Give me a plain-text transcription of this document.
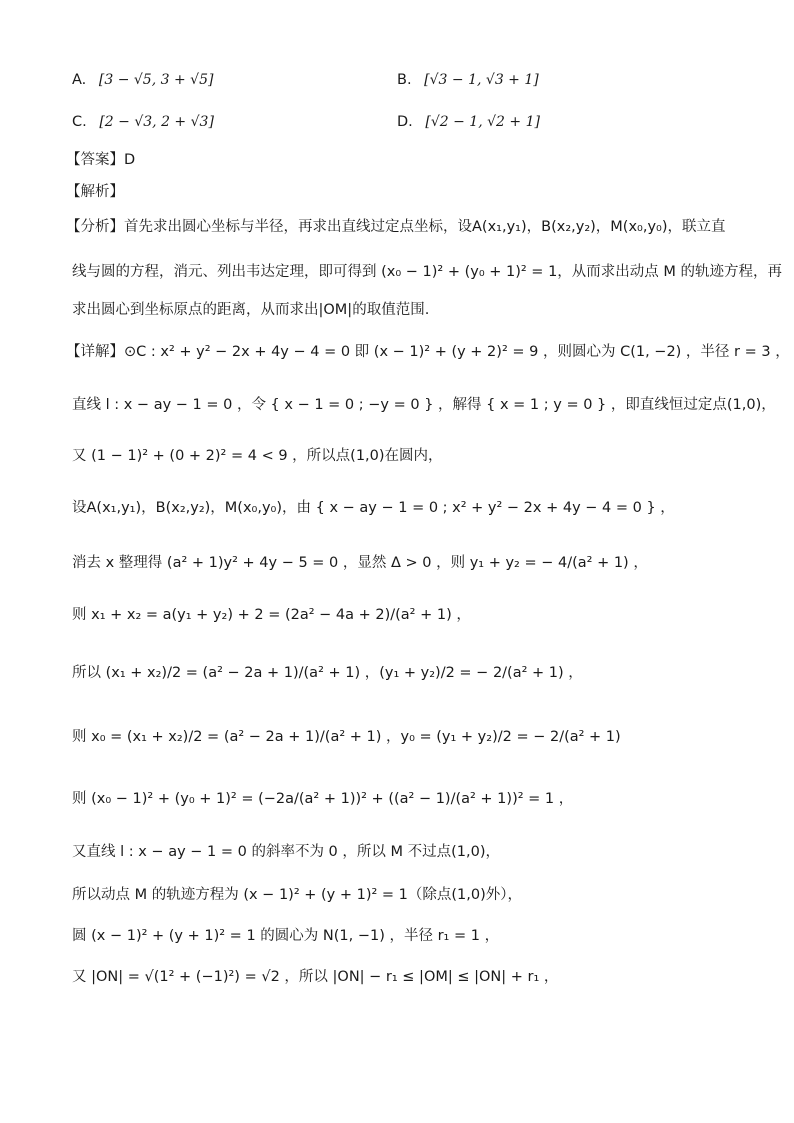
A. [3 − √5, 3 + √5]	B. [√3 − 1, √3 + 1]
C. [2 − √3, 2 + √3]	D. [√2 − 1, √2 + 1]
【答案】D
【解析】
【分析】首先求出圆心坐标与半径，再求出直线过定点坐标，设A(x₁,y₁)，B(x₂,y₂)，M(x₀,y₀)，联立直
线与圆的方程，消元、列出韦达定理，即可得到 (x₀ − 1)² + (y₀ + 1)² = 1，从而求出动点 M 的轨迹方程，再
求出圆心到坐标原点的距离，从而求出|OM|的取值范围.
【详解】⊙C : x² + y² − 2x + 4y − 4 = 0 即 (x − 1)² + (y + 2)² = 9 ，则圆心为 C(1, −2) ，半径 r = 3 ，
直线 l : x − ay − 1 = 0 ，令 { x − 1 = 0 ; −y = 0 } ，解得 { x = 1 ; y = 0 } ，即直线恒过定点(1,0)，
又 (1 − 1)² + (0 + 2)² = 4 < 9 ，所以点(1,0)在圆内，
设A(x₁,y₁)，B(x₂,y₂)，M(x₀,y₀)，由 { x − ay − 1 = 0 ; x² + y² − 2x + 4y − 4 = 0 } ，
消去 x 整理得 (a² + 1)y² + 4y − 5 = 0 ，显然 Δ > 0 ，则 y₁ + y₂ = − 4/(a² + 1) ，
则 x₁ + x₂ = a(y₁ + y₂) + 2 = (2a² − 4a + 2)/(a² + 1) ，
所以 (x₁ + x₂)/2 = (a² − 2a + 1)/(a² + 1) ，(y₁ + y₂)/2 = − 2/(a² + 1) ，
则 x₀ = (x₁ + x₂)/2 = (a² − 2a + 1)/(a² + 1) ，y₀ = (y₁ + y₂)/2 = − 2/(a² + 1)
则 (x₀ − 1)² + (y₀ + 1)² = (−2a/(a² + 1))² + ((a² − 1)/(a² + 1))² = 1 ，
又直线 l : x − ay − 1 = 0 的斜率不为 0 ，所以 M 不过点(1,0)，
所以动点 M 的轨迹方程为 (x − 1)² + (y + 1)² = 1（除点(1,0)外），
圆 (x − 1)² + (y + 1)² = 1 的圆心为 N(1, −1) ，半径 r₁ = 1 ，
又 |ON| = √(1² + (−1)²) = √2 ，所以 |ON| − r₁ ≤ |OM| ≤ |ON| + r₁ ，
